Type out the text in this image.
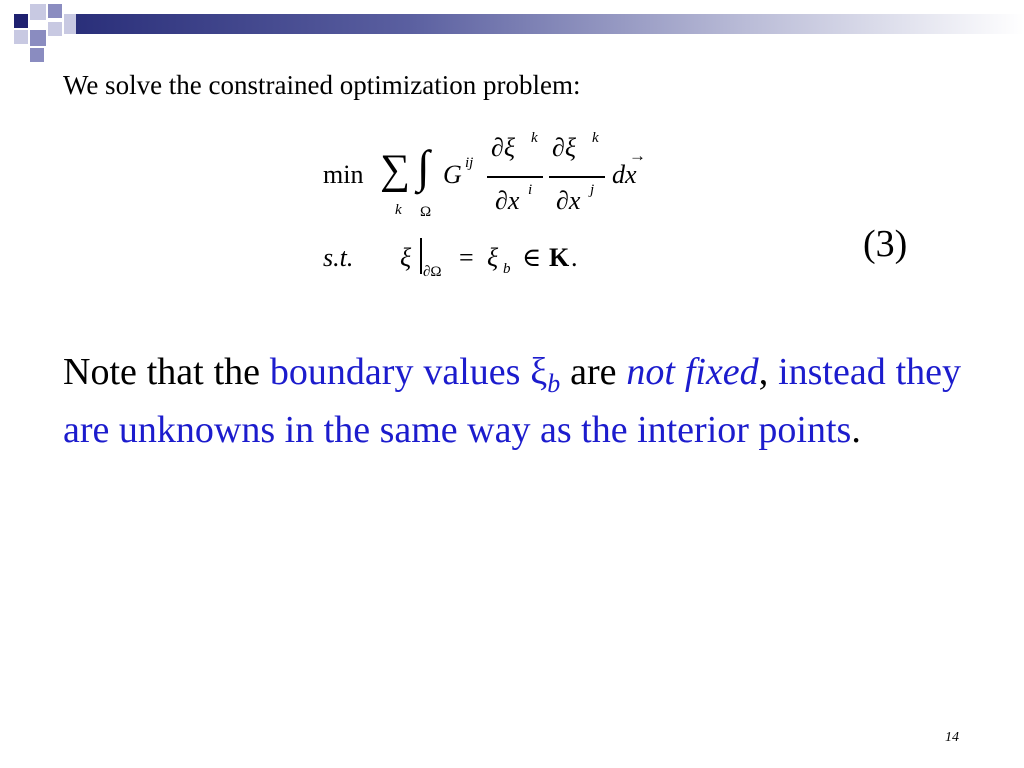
We solve the constrained optimization problem:
min ∑
k
∫
Ω
G ij
∂ξ k
∂x i
∂ξ k
∂x j
dx
→
s.t. ξ ∂Ω = ξ b ∈ K .	(3)
Note that the boundary values $\xi_b$ are not fixed, instead they are unknowns in the same way as the interior points.
14
